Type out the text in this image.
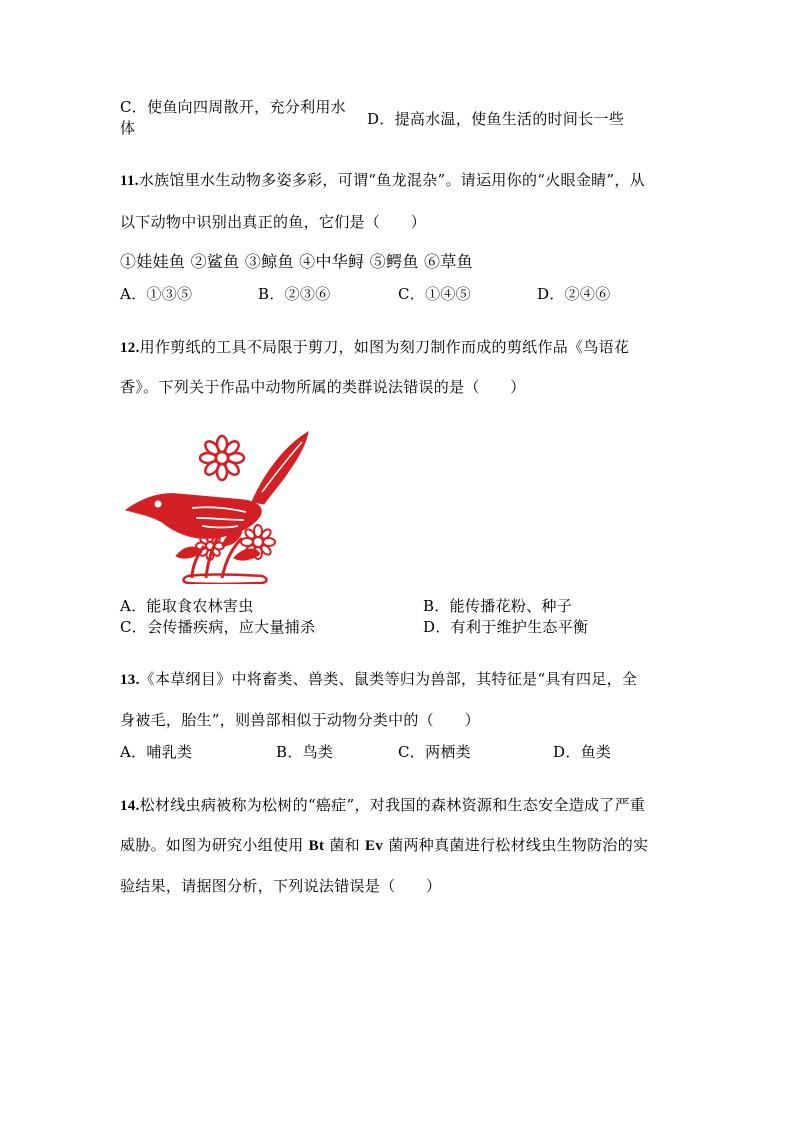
C．使鱼向四周散开，充分利用水
体	D．提高水温，使鱼生活的时间长一些
11.水族馆里水生动物多姿多彩，可谓“鱼龙混杂”。请运用你的“火眼金睛”，从
以下动物中识别出真正的鱼，它们是（　　）
①娃娃鱼 ②鲨鱼 ③鲸鱼 ④中华鲟 ⑤鳄鱼 ⑥草鱼
A．①③⑤	B．②③⑥	C．①④⑤	D．②④⑥
12.用作剪纸的工具不局限于剪刀，如图为刻刀制作而成的剪纸作品《鸟语花
香》。下列关于作品中动物所属的类群说法错误的是（　　）
A．能取食农林害虫	B．能传播花粉、种子
C．会传播疾病，应大量捕杀	D．有利于维护生态平衡
13.《本草纲目》中将畜类、兽类、鼠类等归为兽部，其特征是“具有四足，全
身被毛，胎生”，则兽部相似于动物分类中的（　　）
A．哺乳类	B．鸟类	C．两栖类	D．鱼类
14.松材线虫病被称为松树的“癌症”，对我国的森林资源和生态安全造成了严重
威胁。如图为研究小组使用 Bt 菌和 Ev 菌两种真菌进行松材线虫生物防治的实
验结果，请据图分析，下列说法错误是（　　）
